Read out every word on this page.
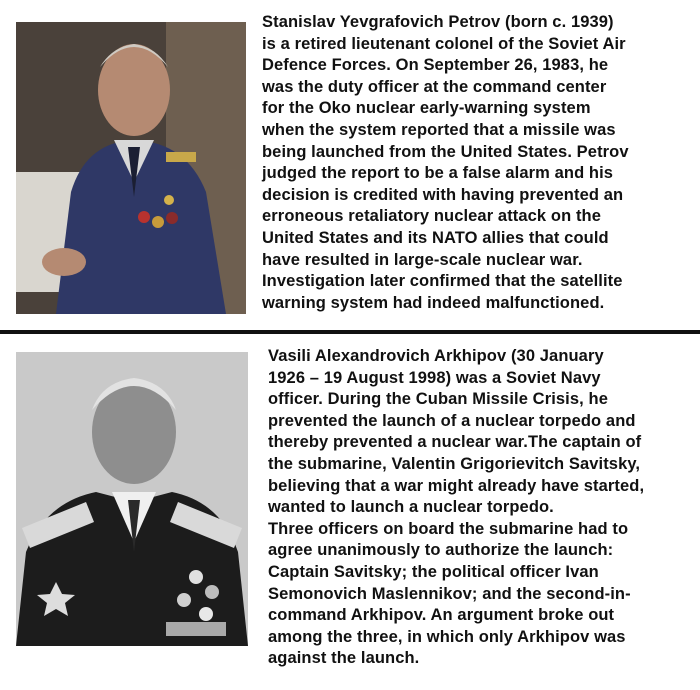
Stanislav Yevgrafovich Petrov (born c. 1939)
is a retired lieutenant colonel of the Soviet Air
Defence Forces. On September 26, 1983, he
was the duty officer at the command center
for the Oko nuclear early-warning system
when the system reported that a missile was
being launched from the United States. Petrov
judged the report to be a false alarm and his
decision is credited with having prevented an
erroneous retaliatory nuclear attack on the
United States and its NATO allies that could
have resulted in large-scale nuclear war.
Investigation later confirmed that the satellite
warning system had indeed malfunctioned.
Vasili Alexandrovich Arkhipov (30 January
1926 – 19 August 1998) was a Soviet Navy
officer. During the Cuban Missile Crisis, he
prevented the launch of a nuclear torpedo and
thereby prevented a nuclear war.The captain of
the submarine, Valentin Grigorievitch Savitsky,
believing that a war might already have started,
wanted to launch a nuclear torpedo.
Three officers on board the submarine had to
agree unanimously to authorize the launch:
Captain Savitsky; the political officer Ivan
Semonovich Maslennikov; and the second-in-
command Arkhipov. An argument broke out
among the three, in which only Arkhipov was
against the launch.
